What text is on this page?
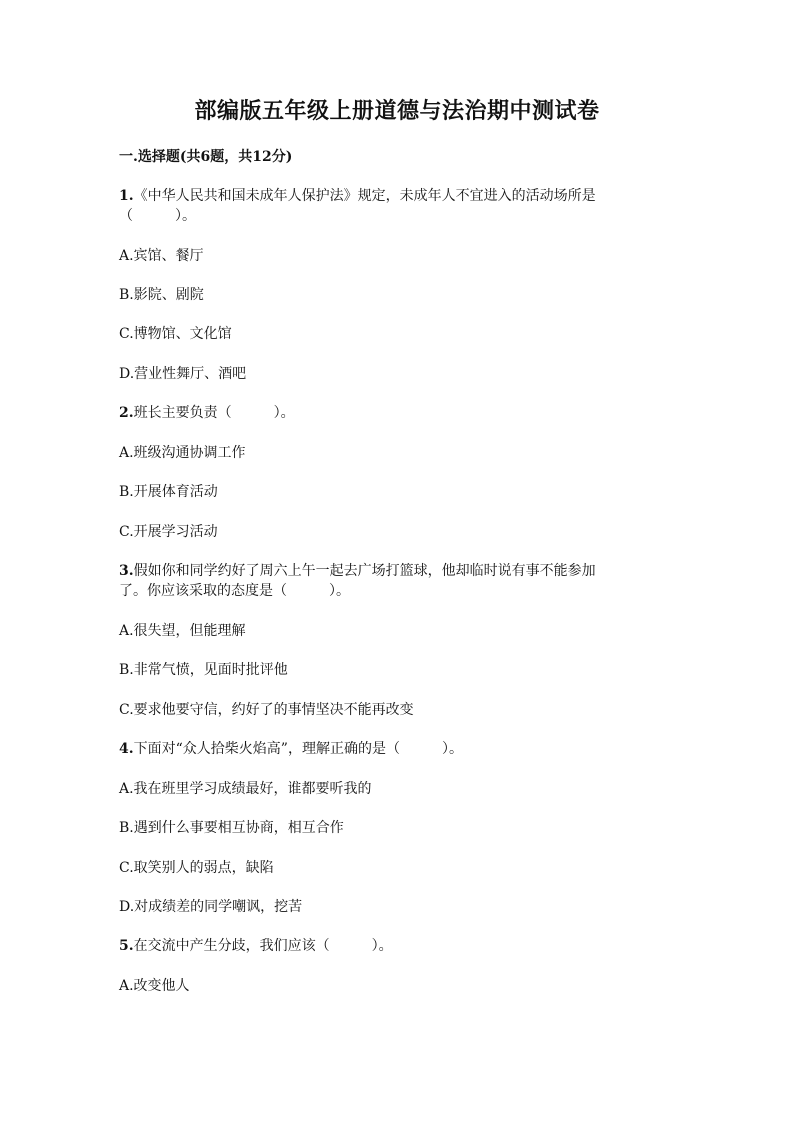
部编版五年级上册道德与法治期中测试卷
一.选择题(共6题，共12分)
1.《中华人民共和国未成年人保护法》规定，未成年人不宜进入的活动场所是
（　　　）。
A.宾馆、餐厅
B.影院、剧院
C.博物馆、文化馆
D.营业性舞厅、酒吧
2.班长主要负责（　　　）。
A.班级沟通协调工作
B.开展体育活动
C.开展学习活动
3.假如你和同学约好了周六上午一起去广场打篮球，他却临时说有事不能参加
了。你应该采取的态度是（　　　）。
A.很失望，但能理解
B.非常气愤，见面时批评他
C.要求他要守信，约好了的事情坚决不能再改变
4.下面对“众人拾柴火焰高”，理解正确的是（　　　）。
A.我在班里学习成绩最好，谁都要听我的
B.遇到什么事要相互协商，相互合作
C.取笑别人的弱点，缺陷
D.对成绩差的同学嘲讽，挖苦
5.在交流中产生分歧，我们应该（　　　）。
A.改变他人
